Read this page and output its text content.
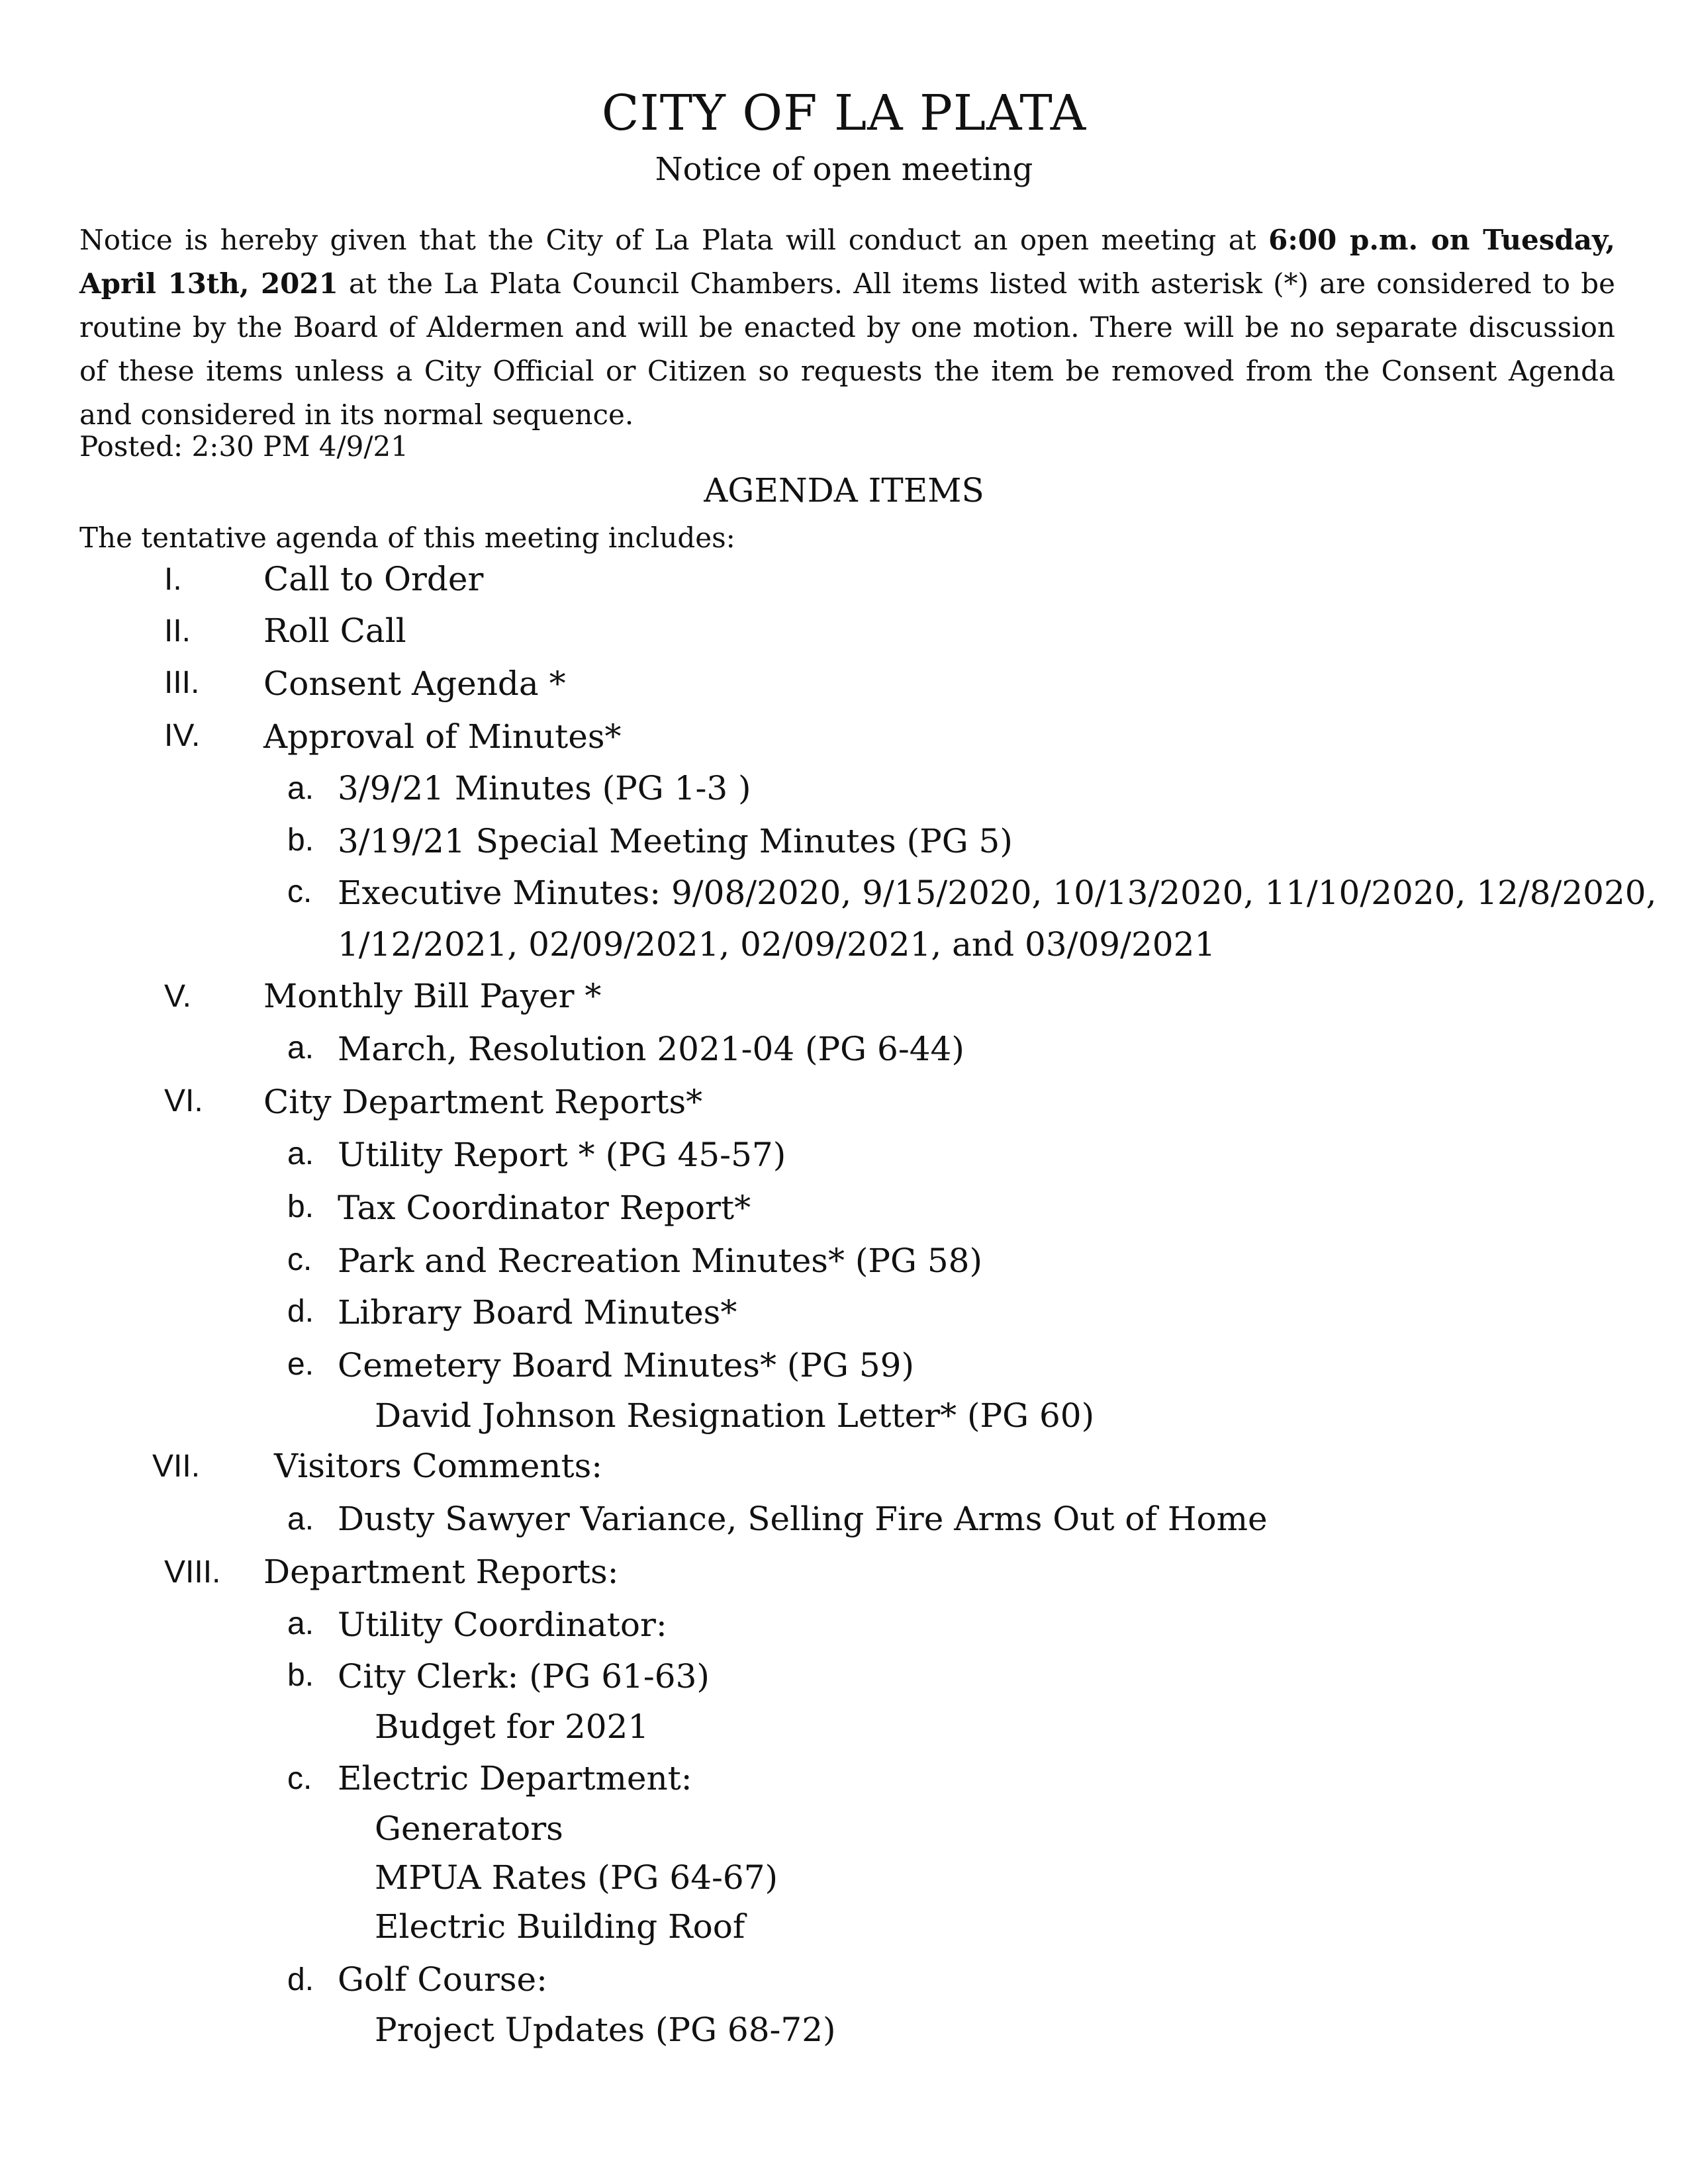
CITY OF LA PLATA
Notice of open meeting
Notice is hereby given that the City of La Plata will conduct an open meeting at 6:00 p.m. on Tuesday, April 13th, 2021 at the La Plata Council Chambers. All items listed with asterisk (*) are considered to be routine by the Board of Aldermen and will be enacted by one motion. There will be no separate discussion of these items unless a City Official or Citizen so requests the item be removed from the Consent Agenda and considered in its normal sequence.
Posted: 2:30 PM 4/9/21
AGENDA ITEMS
The tentative agenda of this meeting includes:
I. Call to Order
II. Roll Call
III. Consent Agenda *
IV. Approval of Minutes*
a. 3/9/21 Minutes (PG 1-3 )
b. 3/19/21 Special Meeting Minutes (PG 5)
c. Executive Minutes: 9/08/2020, 9/15/2020, 10/13/2020, 11/10/2020, 12/8/2020,
1/12/2021, 02/09/2021, 02/09/2021, and 03/09/2021
V. Monthly Bill Payer *
a. March, Resolution 2021-04 (PG 6-44)
VI. City Department Reports*
a. Utility Report * (PG 45-57)
b. Tax Coordinator Report*
c. Park and Recreation Minutes* (PG 58)
d. Library Board Minutes*
e. Cemetery Board Minutes* (PG 59)
David Johnson Resignation Letter* (PG 60)
VII. Visitors Comments:
a. Dusty Sawyer Variance, Selling Fire Arms Out of Home
VIII. Department Reports:
a. Utility Coordinator:
b. City Clerk: (PG 61-63)
Budget for 2021
c. Electric Department:
Generators
MPUA Rates (PG 64-67)
Electric Building Roof
d. Golf Course:
Project Updates (PG 68-72)
